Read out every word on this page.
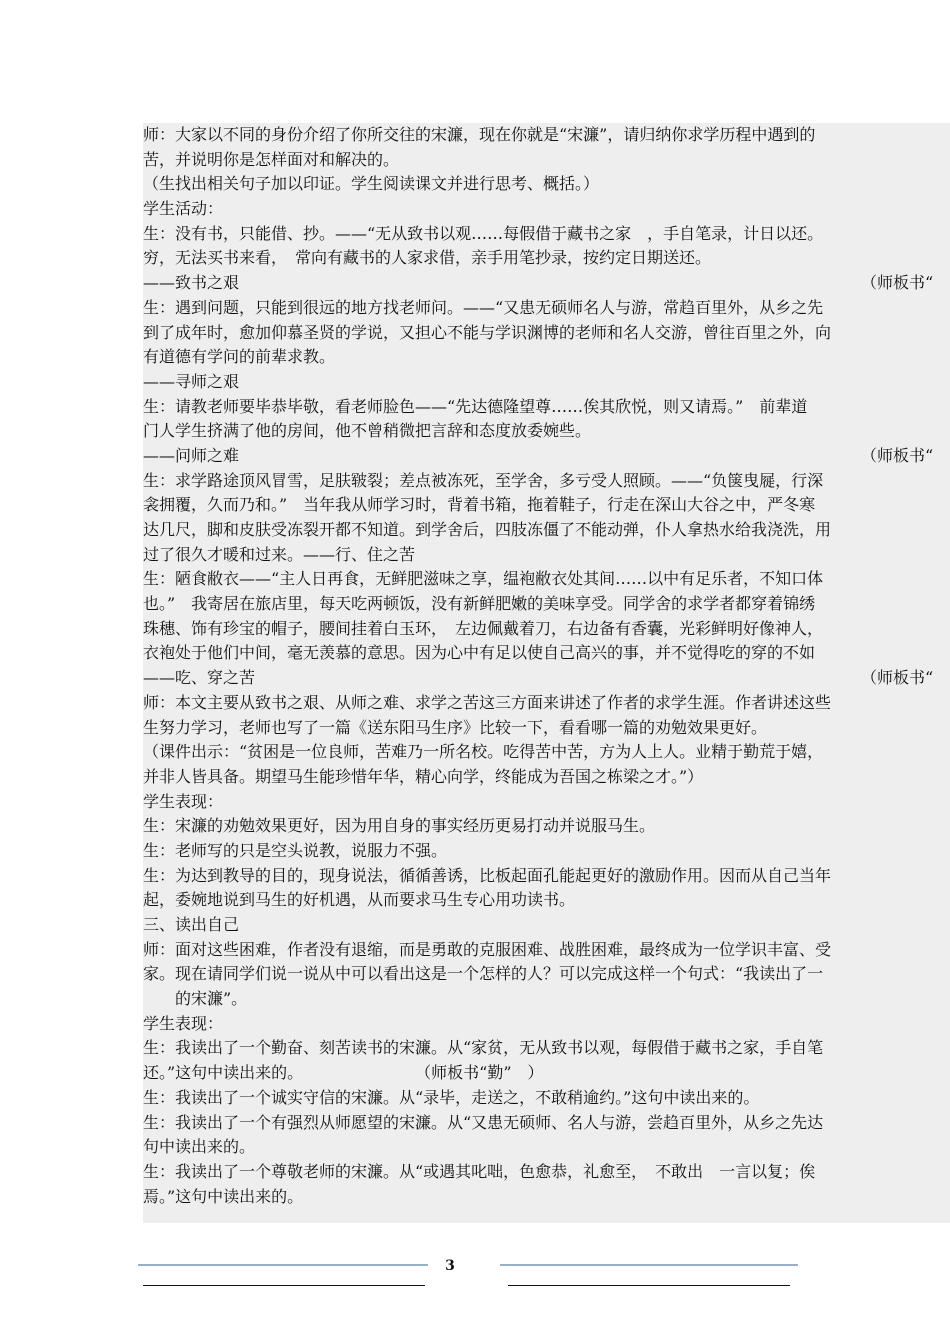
师：大家以不同的身份介绍了你所交往的宋濂，现在你就是“宋濂”，请归纳你求学历程中遇到的
苦，并说明你是怎样面对和解决的。
（生找出相关句子加以印证。学生阅读课文并进行思考、概括。）
学生活动：
生：没有书，只能借、抄。——“无从致书以观……每假借于藏书之家　，手自笔录，计日以还。
穷，无法买书来看，　常向有藏书的人家求借，亲手用笔抄录，按约定日期送还。
——致书之艰	（师板书“
生：遇到问题，只能到很远的地方找老师问。——“又患无硕师名人与游，常趋百里外，从乡之先
到了成年时，愈加仰慕圣贤的学说，又担心不能与学识渊博的老师和名人交游，曾往百里之外，向
有道德有学问的前辈求教。
——寻师之艰
生：请教老师要毕恭毕敬，看老师脸色——“先达德隆望尊……俟其欣悦，则又请焉。”　前辈道
门人学生挤满了他的房间，他不曾稍微把言辞和态度放委婉些。
——问师之难	（师板书“
生：求学路途顶风冒雪，足肤皲裂；差点被冻死，至学舍，多亏受人照顾。——“负箧曳屣，行深
衾拥覆，久而乃和。”　当年我从师学习时，背着书箱，拖着鞋子，行走在深山大谷之中，严冬寒
达几尺，脚和皮肤受冻裂开都不知道。到学舍后，四肢冻僵了不能动弹，仆人拿热水给我浇洗，用
过了很久才暖和过来。——行、住之苦
生：陋食敝衣——“主人日再食，无鲜肥滋味之享，缊袍敝衣处其间……以中有足乐者，不知口体
也。”　我寄居在旅店里，每天吃两顿饭，没有新鲜肥嫩的美味享受。同学舍的求学者都穿着锦绣
珠穗、饰有珍宝的帽子，腰间挂着白玉环，　左边佩戴着刀，右边备有香囊，光彩鲜明好像神人，
衣袍处于他们中间，毫无羡慕的意思。因为心中有足以使自己高兴的事，并不觉得吃的穿的不如
——吃、穿之苦	（师板书“
师：本文主要从致书之艰、从师之难、求学之苦这三方面来讲述了作者的求学生涯。作者讲述这些
生努力学习，老师也写了一篇《送东阳马生序》比较一下，看看哪一篇的劝勉效果更好。
（课件出示：“贫困是一位良师，苦难乃一所名校。吃得苦中苦，方为人上人。业精于勤荒于嬉，
并非人皆具备。期望马生能珍惜年华，精心向学，终能成为吾国之栋梁之才。”）
学生表现：
生：宋濂的劝勉效果更好，因为用自身的事实经历更易打动并说服马生。
生：老师写的只是空头说教，说服力不强。
生：为达到教导的目的，现身说法，循循善诱，比板起面孔能起更好的激励作用。因而从自己当年
起，委婉地说到马生的好机遇，从而要求马生专心用功读书。
三、读出自己
师：面对这些困难，作者没有退缩，而是勇敢的克服困难、战胜困难，最终成为一位学识丰富、受
家。现在请同学们说一说从中可以看出这是一个怎样的人？可以完成这样一个句式：“我读出了一
　　的宋濂”。
学生表现：
生：我读出了一个勤奋、刻苦读书的宋濂。从“家贫，无从致书以观，每假借于藏书之家，手自笔
还。”这句中读出来的。　　　　　　　　（师板书“勤”　）
生：我读出了一个诚实守信的宋濂。从“录毕，走送之，不敢稍逾约。”这句中读出来的。
生：我读出了一个有强烈从师愿望的宋濂。从“又患无硕师、名人与游，尝趋百里外，从乡之先达
句中读出来的。
生：我读出了一个尊敬老师的宋濂。从“或遇其叱咄，色愈恭，礼愈至，　不敢出　一言以复；俟
焉。”这句中读出来的。
3
